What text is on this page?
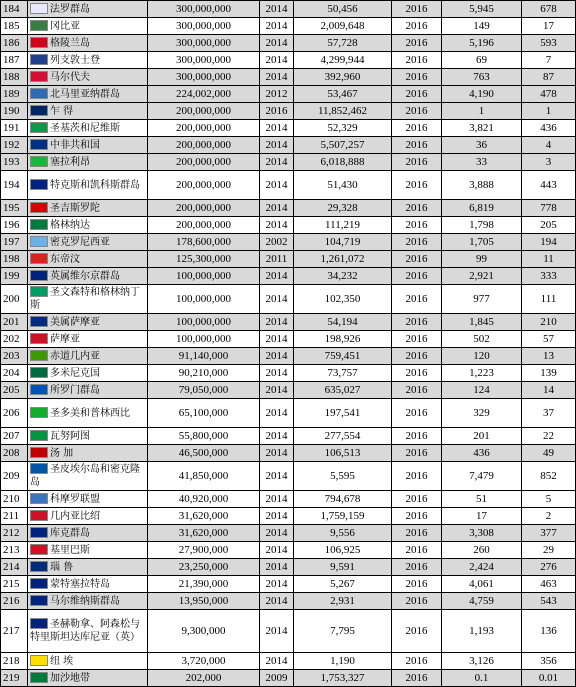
184	法罗群岛	300,000,000	2014	50,456	2016	5,945	678
185	冈比亚	300,000,000	2014	2,009,648	2016	149	17
186	格陵兰岛	300,000,000	2014	57,728	2016	5,196	593
187	列支敦士登	300,000,000	2014	4,299,944	2016	69	7
188	马尔代夫	300,000,000	2014	392,960	2016	763	87
189	北马里亚纳群岛	224,002,000	2012	53,467	2016	4,190	478
190	乍 得	200,000,000	2016	11,852,462	2016	1	1
191	圣基茨和尼维斯	200,000,000	2014	52,329	2016	3,821	436
192	中非共和国	200,000,000	2014	5,507,257	2016	36	4
193	塞拉利昂	200,000,000	2014	6,018,888	2016	33	3
194	特克斯和凯科斯群岛	200,000,000	2014	51,430	2016	3,888	443
195	圣吉斯罗陀	200,000,000	2014	29,328	2016	6,819	778
196	格林纳达	200,000,000	2014	111,219	2016	1,798	205
197	密克罗尼西亚	178,600,000	2002	104,719	2016	1,705	194
198	东帝汶	125,300,000	2011	1,261,072	2016	99	11
199	英属维尔京群岛	100,000,000	2014	34,232	2016	2,921	333
200	圣文森特和格林纳丁斯	100,000,000	2014	102,350	2016	977	111
201	美属萨摩亚	100,000,000	2014	54,194	2016	1,845	210
202	萨摩亚	100,000,000	2014	198,926	2016	502	57
203	赤道几内亚	91,140,000	2014	759,451	2016	120	13
204	多米尼克国	90,210,000	2014	73,757	2016	1,223	139
205	所罗门群岛	79,050,000	2014	635,027	2016	124	14
206	圣多美和普林西比	65,100,000	2014	197,541	2016	329	37
207	瓦努阿图	55,800,000	2014	277,554	2016	201	22
208	汤 加	46,500,000	2014	106,513	2016	436	49
209	圣皮埃尔岛和密克隆岛	41,850,000	2014	5,595	2016	7,479	852
210	科摩罗联盟	40,920,000	2014	794,678	2016	51	5
211	几内亚比绍	31,620,000	2014	1,759,159	2016	17	2
212	库克群岛	31,620,000	2014	9,556	2016	3,308	377
213	基里巴斯	27,900,000	2014	106,925	2016	260	29
214	瑙 鲁	23,250,000	2014	9,591	2016	2,424	276
215	蒙特塞拉特岛	21,390,000	2014	5,267	2016	4,061	463
216	马尔维纳斯群岛	13,950,000	2014	2,931	2016	4,759	543
217	圣赫勒拿、阿森松与特里斯坦达库尼亚（英）	9,300,000	2014	7,795	2016	1,193	136
218	纽 埃	3,720,000	2014	1,190	2016	3,126	356
219	加沙地带	202,000	2009	1,753,327	2016	0.1	0.01
